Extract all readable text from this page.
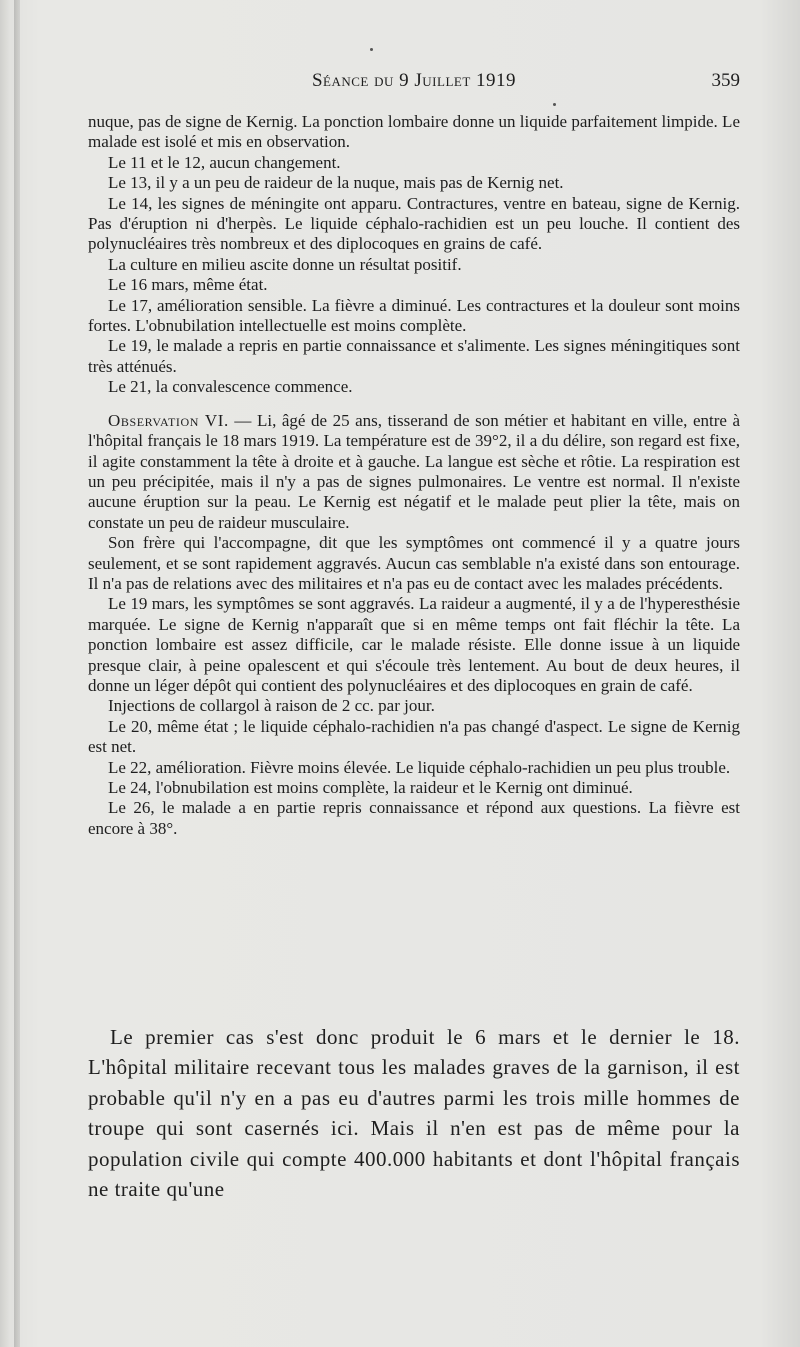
Séance du 9 Juillet 1919	359

nuque, pas de signe de Kernig. La ponction lombaire donne un liquide parfaitement limpide. Le malade est isolé et mis en observation.

Le 11 et le 12, aucun changement.

Le 13, il y a un peu de raideur de la nuque, mais pas de Kernig net.

Le 14, les signes de méningite ont apparu. Contractures, ventre en bateau, signe de Kernig. Pas d'éruption ni d'herpès. Le liquide céphalo-rachidien est un peu louche. Il contient des polynucléaires très nombreux et des diplocoques en grains de café.

La culture en milieu ascite donne un résultat positif.

Le 16 mars, même état.

Le 17, amélioration sensible. La fièvre a diminué. Les contractures et la douleur sont moins fortes. L'obnubilation intellectuelle est moins complète.

Le 19, le malade a repris en partie connaissance et s'alimente. Les signes méningitiques sont très atténués.

Le 21, la convalescence commence.

Observation VI. — Li, âgé de 25 ans, tisserand de son métier et habitant en ville, entre à l'hôpital français le 18 mars 1919. La température est de 39°2, il a du délire, son regard est fixe, il agite constamment la tête à droite et à gauche. La langue est sèche et rôtie. La respiration est un peu précipitée, mais il n'y a pas de signes pulmonaires. Le ventre est normal. Il n'existe aucune éruption sur la peau. Le Kernig est négatif et le malade peut plier la tête, mais on constate un peu de raideur musculaire.

Son frère qui l'accompagne, dit que les symptômes ont commencé il y a quatre jours seulement, et se sont rapidement aggravés. Aucun cas semblable n'a existé dans son entourage. Il n'a pas de relations avec des militaires et n'a pas eu de contact avec les malades précédents.

Le 19 mars, les symptômes se sont aggravés. La raideur a augmenté, il y a de l'hyperesthésie marquée. Le signe de Kernig n'apparaît que si en même temps ont fait fléchir la tête. La ponction lombaire est assez difficile, car le malade résiste. Elle donne issue à un liquide presque clair, à peine opalescent et qui s'écoule très lentement. Au bout de deux heures, il donne un léger dépôt qui contient des polynucléaires et des diplocoques en grain de café.

Injections de collargol à raison de 2 cc. par jour.

Le 20, même état ; le liquide céphalo-rachidien n'a pas changé d'aspect. Le signe de Kernig est net.

Le 22, amélioration. Fièvre moins élevée. Le liquide céphalo-rachidien un peu plus trouble.

Le 24, l'obnubilation est moins complète, la raideur et le Kernig ont diminué.

Le 26, le malade a en partie repris connaissance et répond aux questions. La fièvre est encore à 38°.

Le premier cas s'est donc produit le 6 mars et le dernier le 18. L'hôpital militaire recevant tous les malades graves de la garnison, il est probable qu'il n'y en a pas eu d'autres parmi les trois mille hommes de troupe qui sont casernés ici. Mais il n'en est pas de même pour la population civile qui compte 400.000 habitants et dont l'hôpital français ne traite qu'une
